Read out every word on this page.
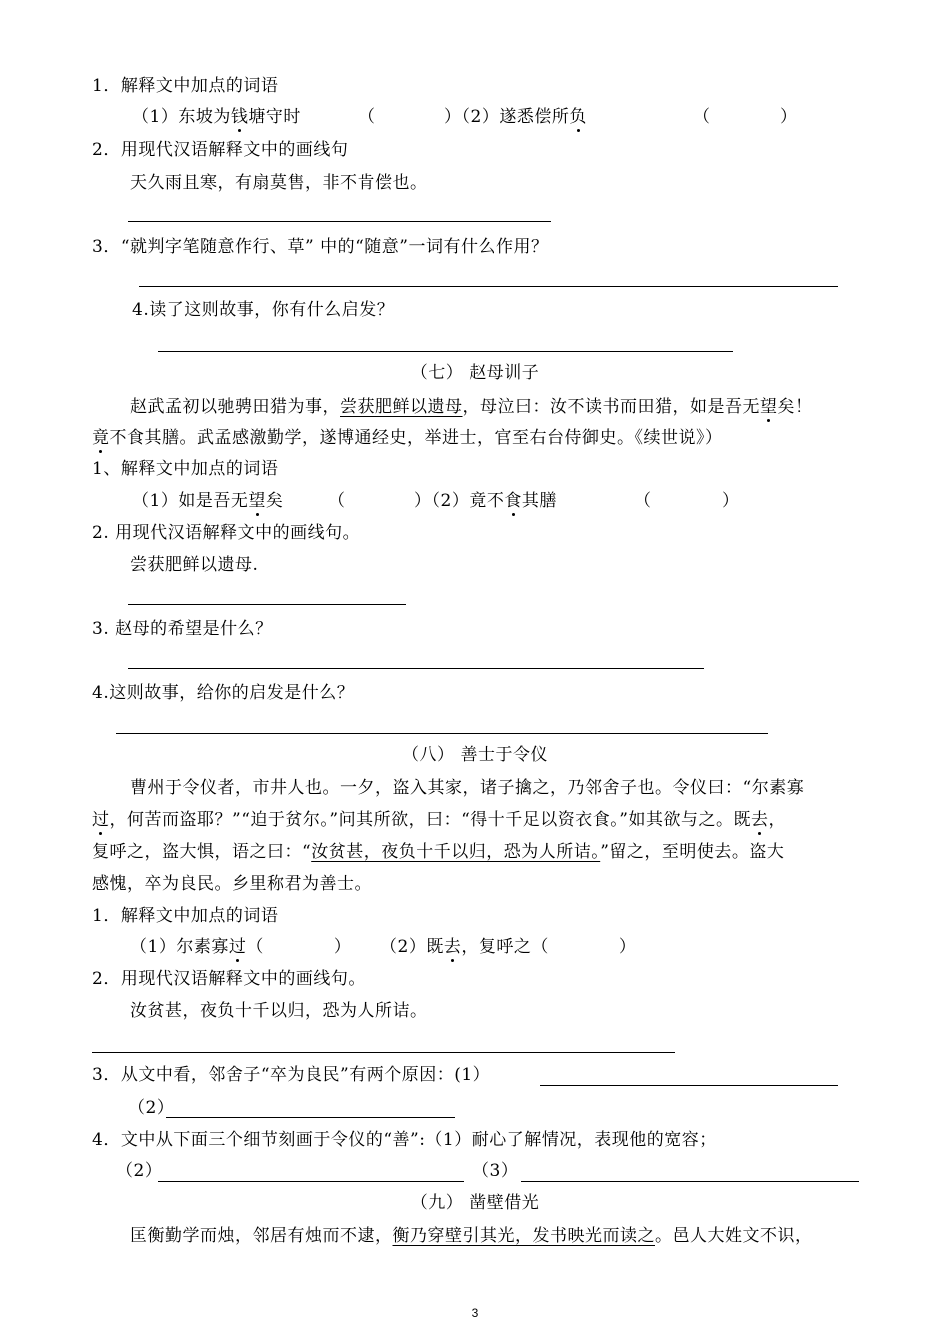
1．解释文中加点的词语
（1）东坡为钱塘守时	（	）（2）遂悉偿所负	（	）
2．用现代汉语解释文中的画线句
天久雨且寒，有扇莫售，非不肯偿也。
3．“就判字笔随意作行、草” 中的“随意”一词有什么作用？
4.读了这则故事，你有什么启发？
（七） 赵母训子
赵武孟初以驰骋田猎为事，尝获肥鲜以遗母，母泣曰：汝不读书而田猎，如是吾无望矣！
竟不食其膳。武孟感激勤学，遂博通经史，举进士，官至右台侍御史。《续世说》）
1、解释文中加点的词语
（1）如是吾无望矣	（	）（2）竟不食其膳	（	）
2. 用现代汉语解释文中的画线句。
尝获肥鲜以遗母.
3. 赵母的希望是什么？
4.这则故事，给你的启发是什么？
（八） 善士于令仪
曹州于令仪者，市井人也。一夕，盗入其家，诸子擒之，乃邻舍子也。令仪曰：“尔素寡
过，何苦而盗耶？”“迫于贫尔。”问其所欲，曰：“得十千足以资衣食。”如其欲与之。既去，
复呼之，盗大惧，语之曰：“汝贫甚，夜负十千以归，恐为人所诘。”留之，至明使去。盗大
感愧，卒为良民。乡里称君为善士。
1．解释文中加点的词语
（1）尔素寡过（　　　　） （2）既去，复呼之（　　　　）
2．用现代汉语解释文中的画线句。
汝贫甚，夜负十千以归，恐为人所诘。
3．从文中看，邻舍子“卒为良民”有两个原因：(1）
（2）
4．文中从下面三个细节刻画于令仪的“善”:（1）耐心了解情况，表现他的宽容；
（2）	（3）
（九） 凿壁借光
匡衡勤学而烛，邻居有烛而不逮，衡乃穿壁引其光，发书映光而读之。邑人大姓文不识，
3
